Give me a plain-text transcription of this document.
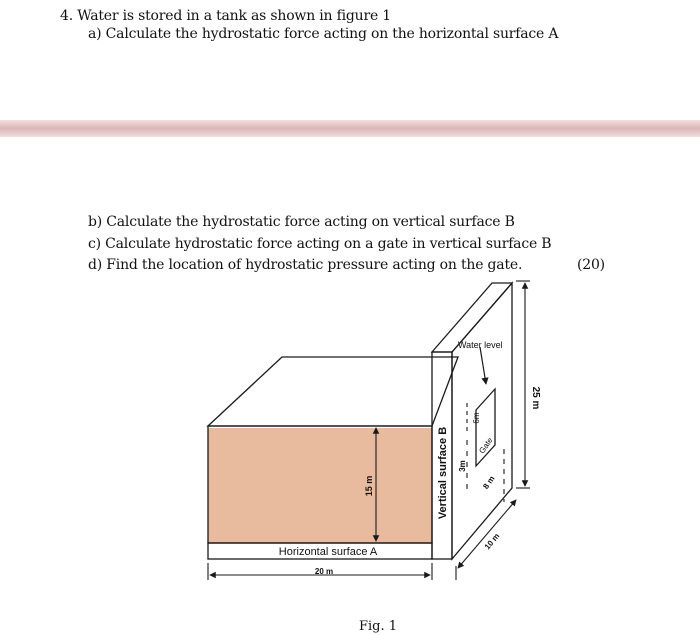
4. Water is stored in a tank as shown in figure 1
a) Calculate the hydrostatic force acting on the horizontal surface A
b) Calculate the hydrostatic force acting on vertical surface B
c) Calculate hydrostatic force acting on a gate in vertical surface B
d) Find the location of hydrostatic pressure acting on the gate.	(20)
Water level
25 m
6m
Gate
3m
8 m
10 m
15 m	Vertical surface B
Horizontal surface A
20 m
Fig. 1
